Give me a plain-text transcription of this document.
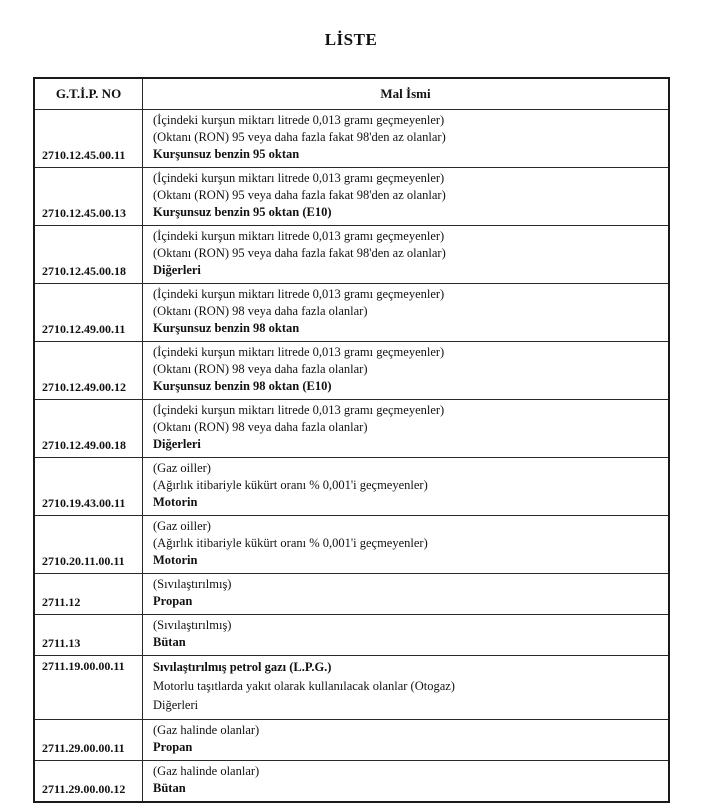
LİSTE
G.T.İ.P. NO	Mal İsmi
2710.12.45.00.11	(İçindeki kurşun miktarı litrede 0,013 gramı geçmeyenler)
(Oktanı (RON) 95 veya daha fazla fakat 98'den az olanlar)
Kurşunsuz benzin 95 oktan

2710.12.45.00.13	(İçindeki kurşun miktarı litrede 0,013 gramı geçmeyenler)
(Oktanı (RON) 95 veya daha fazla fakat 98'den az olanlar)
Kurşunsuz benzin 95 oktan (E10)

2710.12.45.00.18	(İçindeki kurşun miktarı litrede 0,013 gramı geçmeyenler)
(Oktanı (RON) 95 veya daha fazla fakat 98'den az olanlar)
Diğerleri

2710.12.49.00.11	(İçindeki kurşun miktarı litrede 0,013 gramı geçmeyenler)
(Oktanı (RON) 98 veya daha fazla olanlar)
Kurşunsuz benzin 98 oktan

2710.12.49.00.12	(İçindeki kurşun miktarı litrede 0,013 gramı geçmeyenler)
(Oktanı (RON) 98 veya daha fazla olanlar)
Kurşunsuz benzin 98 oktan (E10)

2710.12.49.00.18	(İçindeki kurşun miktarı litrede 0,013 gramı geçmeyenler)
(Oktanı (RON) 98 veya daha fazla olanlar)
Diğerleri

2710.19.43.00.11	(Gaz oiller)
(Ağırlık itibariyle kükürt oranı % 0,001'i geçmeyenler)
Motorin

2710.20.11.00.11	(Gaz oiller)
(Ağırlık itibariyle kükürt oranı % 0,001'i geçmeyenler)
Motorin

2711.12	(Sıvılaştırılmış)
Propan

2711.13	(Sıvılaştırılmış)
Bütan

2711.19.00.00.11	Sıvılaştırılmış petrol gazı (L.P.G.)
Motorlu taşıtlarda yakıt olarak kullanılacak olanlar (Otogaz)
Diğerleri

2711.29.00.00.11	(Gaz halinde olanlar)
Propan

2711.29.00.00.12	(Gaz halinde olanlar)
Bütan
